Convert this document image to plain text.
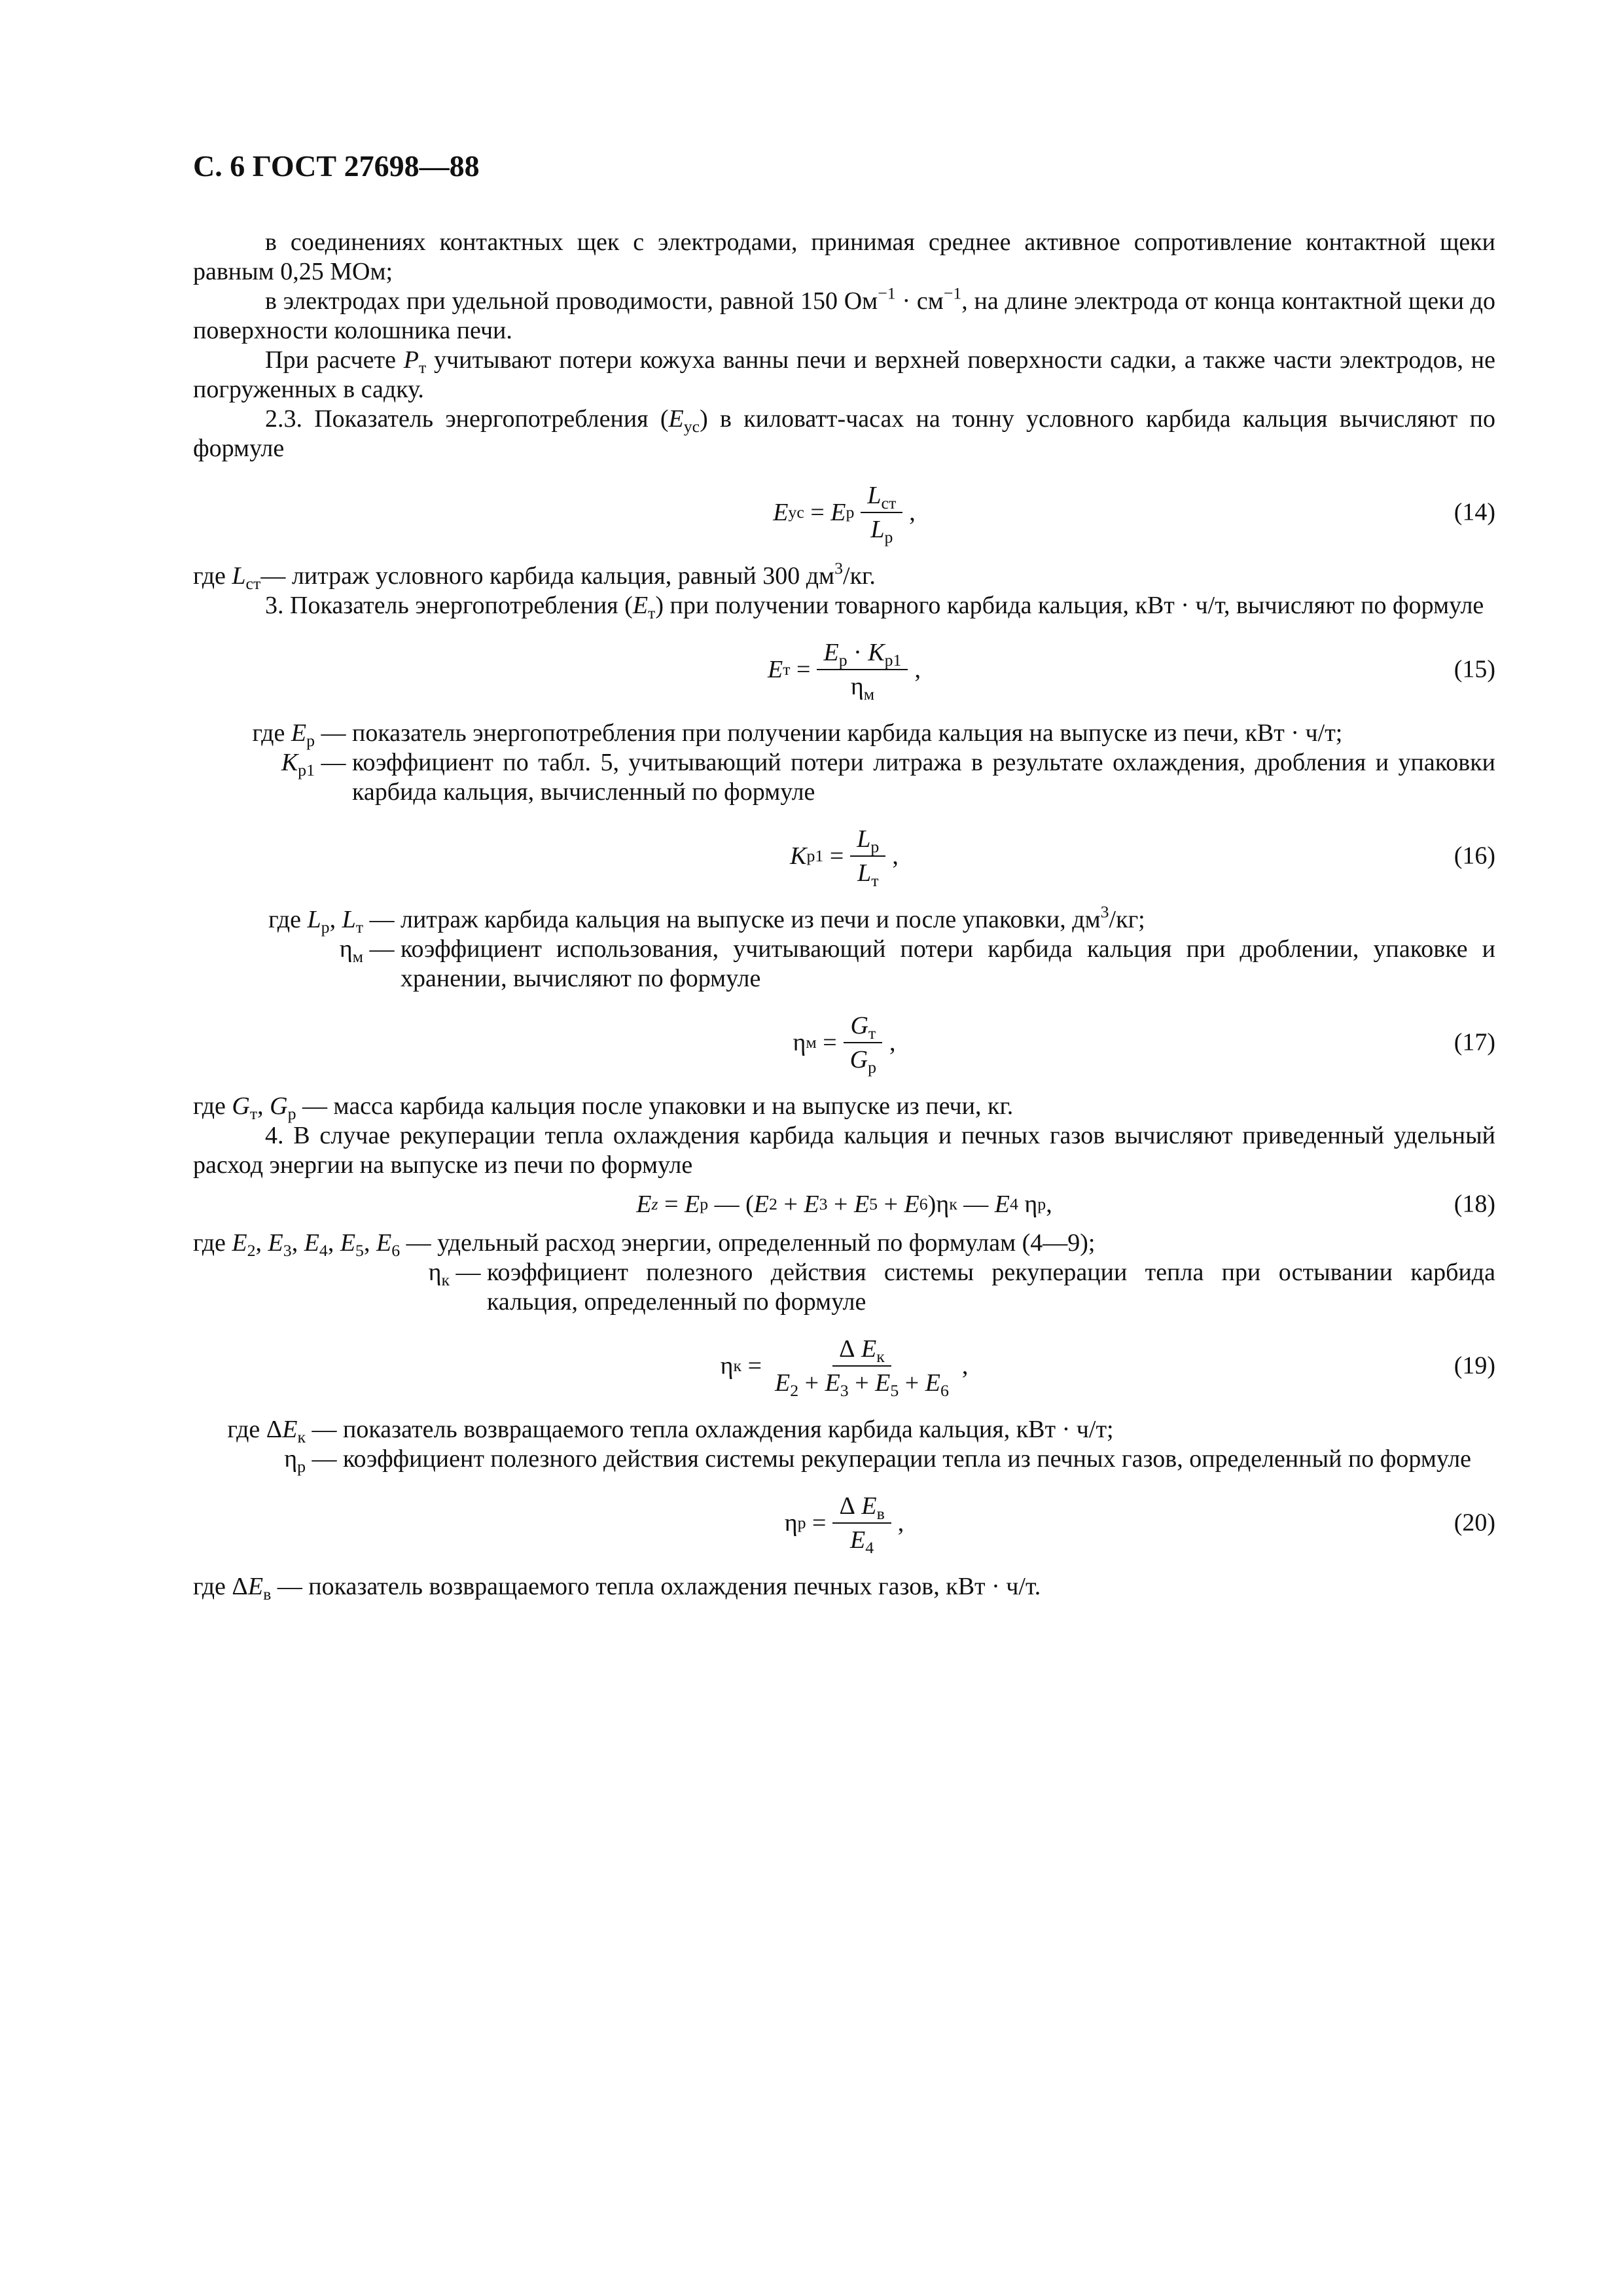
С. 6 ГОСТ 27698—88

в соединениях контактных щек с электродами, принимая среднее активное сопротивление контактной щеки равным 0,25 МОм;

в электродах при удельной проводимости, равной 150 $Ом^{-1} \cdot см^{-1}$, на длине электрода от конца контактной щеки до поверхности колошника печи.

При расчете $P_т$ учитывают потери кожуха ванны печи и верхней поверхности садки, а также части электродов, не погруженных в садку.

2.3. Показатель энергопотребления $(E_{ус})$ в киловатт-часах на тонну условного карбида кальция вычисляют по формуле

E ус
=
E р $\frac{L_{ст}}{L_р}$ ,	(14)
где $L_{ст}$ — литраж условного карбида кальция, равный 300 $дм^3/кг$.

3. Показатель энергопотребления $(E_т)$ при получении товарного карбида кальция, кВт · ч/т, вычисляют по формуле

E т
= $\frac{E_р \cdot K_{р1}}{\eta_м}$ ,	(15)
где $E_р$ — показатель энергопотребления при получении карбида кальция на выпуске из печи, кВт · ч/т;
$K_{р1}$ — коэффициент по табл. 5, учитывающий потери литража в результате охлаждения, дробления и упаковки карбида кальция, вычисленный по формуле
K р1
= $\frac{L_р}{L_т}$ ,	(16)
где $L_р$, $L_т$ — литраж карбида кальция на выпуске из печи и после упаковки, $дм^3/кг$;
$\eta_м$ — коэффициент использования, учитывающий потери карбида кальция при дроблении, упаковке и хранении, вычисляют по формуле
η м
= $\frac{G_т}{G_р}$ ,	(17)
где $G_т$, $G_р$ — масса карбида кальция после упаковки и на выпуске из печи, кг.

4. В случае рекуперации тепла охлаждения карбида кальция и печных газов вычисляют приведенный удельный расход энергии на выпуске из печи по формуле

E z
=
E р
—
( E 2
+
E 3
+
E 5
+
E 6 ) η к
—
E 4
η р ,	(18)
где $E_2$, $E_3$, $E_4$, $E_5$, $E_6$ — удельный расход энергии, определенный по формулам (4—9);
$\eta_к$ — коэффициент полезного действия системы рекуперации тепла при остывании карбида кальция, определенный по формуле
η к
= $\frac{\Delta E_к}{E_2 + E_3 + E_5 + E_6}$ ,	(19)
где $\Delta E_к$ — показатель возвращаемого тепла охлаждения карбида кальция, кВт · ч/т;
$\eta_р$ — коэффициент полезного действия системы рекуперации тепла из печных газов, определенный по формуле
η р
= $\frac{\Delta E_в}{E_4}$ ,	(20)
где $\Delta E_в$ — показатель возвращаемого тепла охлаждения печных газов, кВт · ч/т.
